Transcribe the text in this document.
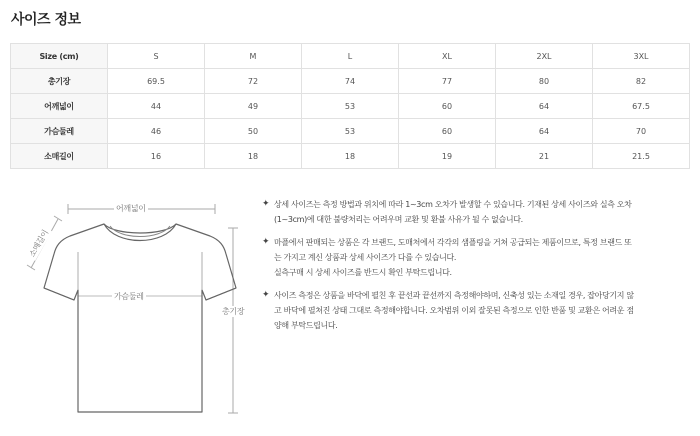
사이즈 정보
Size (cm)	S	M	L	XL	2XL	3XL
총기장	69.5	72	74	77	80	82
어깨넓이	44	49	53	60	64	67.5
가슴둘레	46	50	53	60	64	70
소매길이	16	18	18	19	21	21.5
어깨넓이
소매길이
가슴둘레
총기장
✦ 상세 사이즈는 측정 방법과 위치에 따라 1~3cm 오차가 발생할 수 있습니다. 기재된 상세 사이즈와 실측 오차
(1~3cm)에 대한 불량처리는 어려우며 교환 및 환불 사유가 될 수 없습니다.
✦ 마플에서 판매되는 상품은 각 브랜드, 도매처에서 각각의 샘플링을 거쳐 공급되는 제품이므로, 특정 브랜드 또
는 가지고 계신 상품과 상세 사이즈가 다를 수 있습니다.
실측구매 시 상세 사이즈를 반드시 확인 부탁드립니다.
✦ 사이즈 측정은 상품을 바닥에 펼친 후 끝선과 끝선까지 측정해야하며, 신축성 있는 소재일 경우, 잡아당기지 않
고 바닥에 펼쳐진 상태 그대로 측정해야합니다. 오차범위 이외 잘못된 측정으로 인한 반품 및 교환은 어려운 점
양해 부탁드립니다.
